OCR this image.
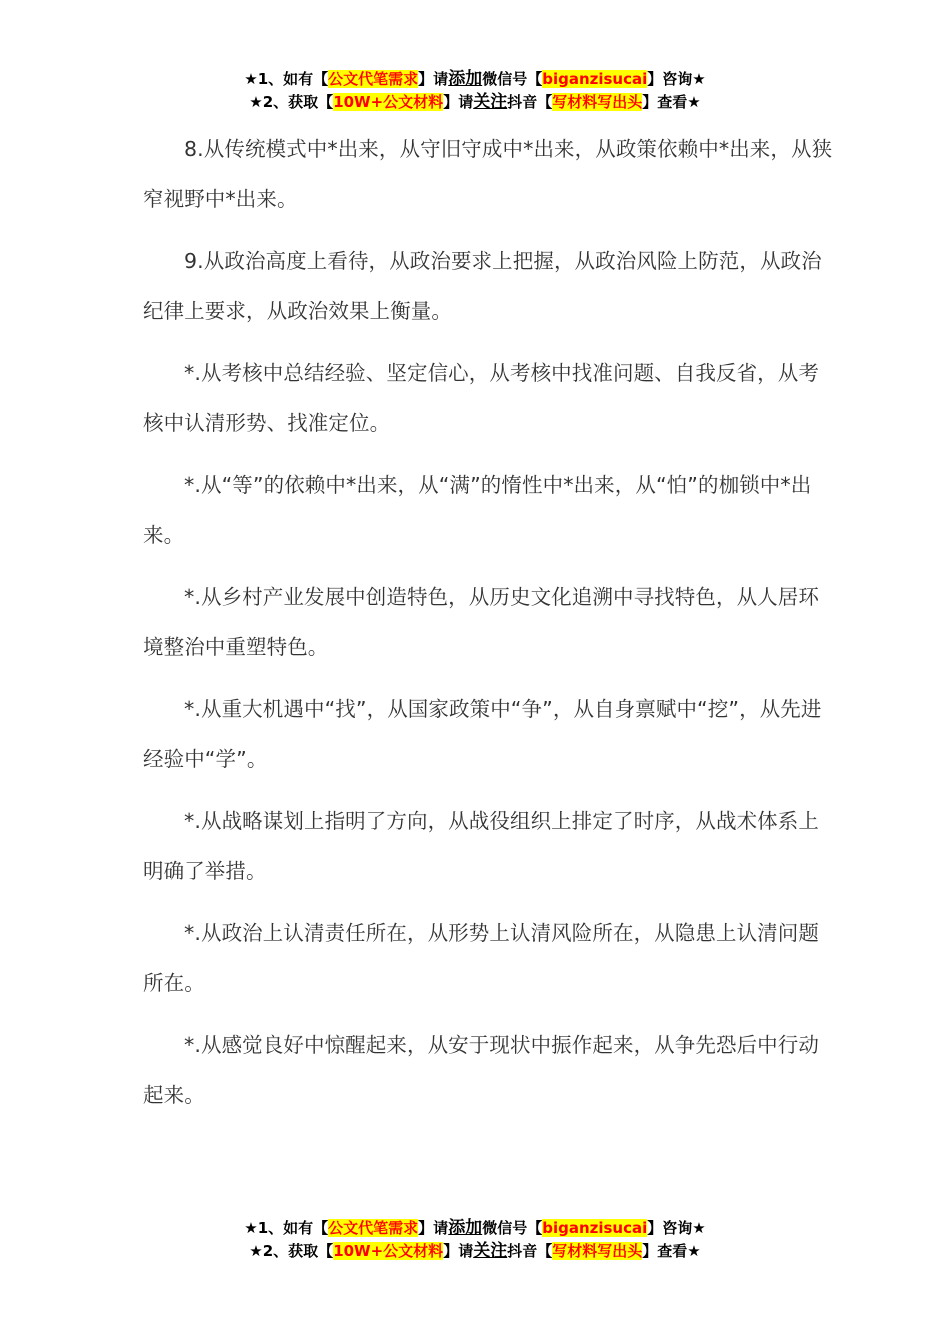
★1、如有【公文代笔需求】请添加微信号【biganzisucai】咨询★
★2、获取【10W+公文材料】请关注抖音【写材料写出头】查看★

8.从传统模式中*出来，从守旧守成中*出来，从政策依赖中*出来，从狭窄视野中*出来。

9.从政治高度上看待，从政治要求上把握，从政治风险上防范，从政治纪律上要求，从政治效果上衡量。

*.从考核中总结经验、坚定信心，从考核中找准问题、自我反省，从考核中认清形势、找准定位。

*.从“等”的依赖中*出来，从“满”的惰性中*出来，从“怕”的枷锁中*出来。

*.从乡村产业发展中创造特色，从历史文化追溯中寻找特色，从人居环境整治中重塑特色。

*.从重大机遇中“找”，从国家政策中“争”，从自身禀赋中“挖”，从先进经验中“学”。

*.从战略谋划上指明了方向，从战役组织上排定了时序，从战术体系上明确了举措。

*.从政治上认清责任所在，从形势上认清风险所在，从隐患上认清问题所在。

*.从感觉良好中惊醒起来，从安于现状中振作起来，从争先恐后中行动起来。

★1、如有【公文代笔需求】请添加微信号【biganzisucai】咨询★
★2、获取【10W+公文材料】请关注抖音【写材料写出头】查看★
